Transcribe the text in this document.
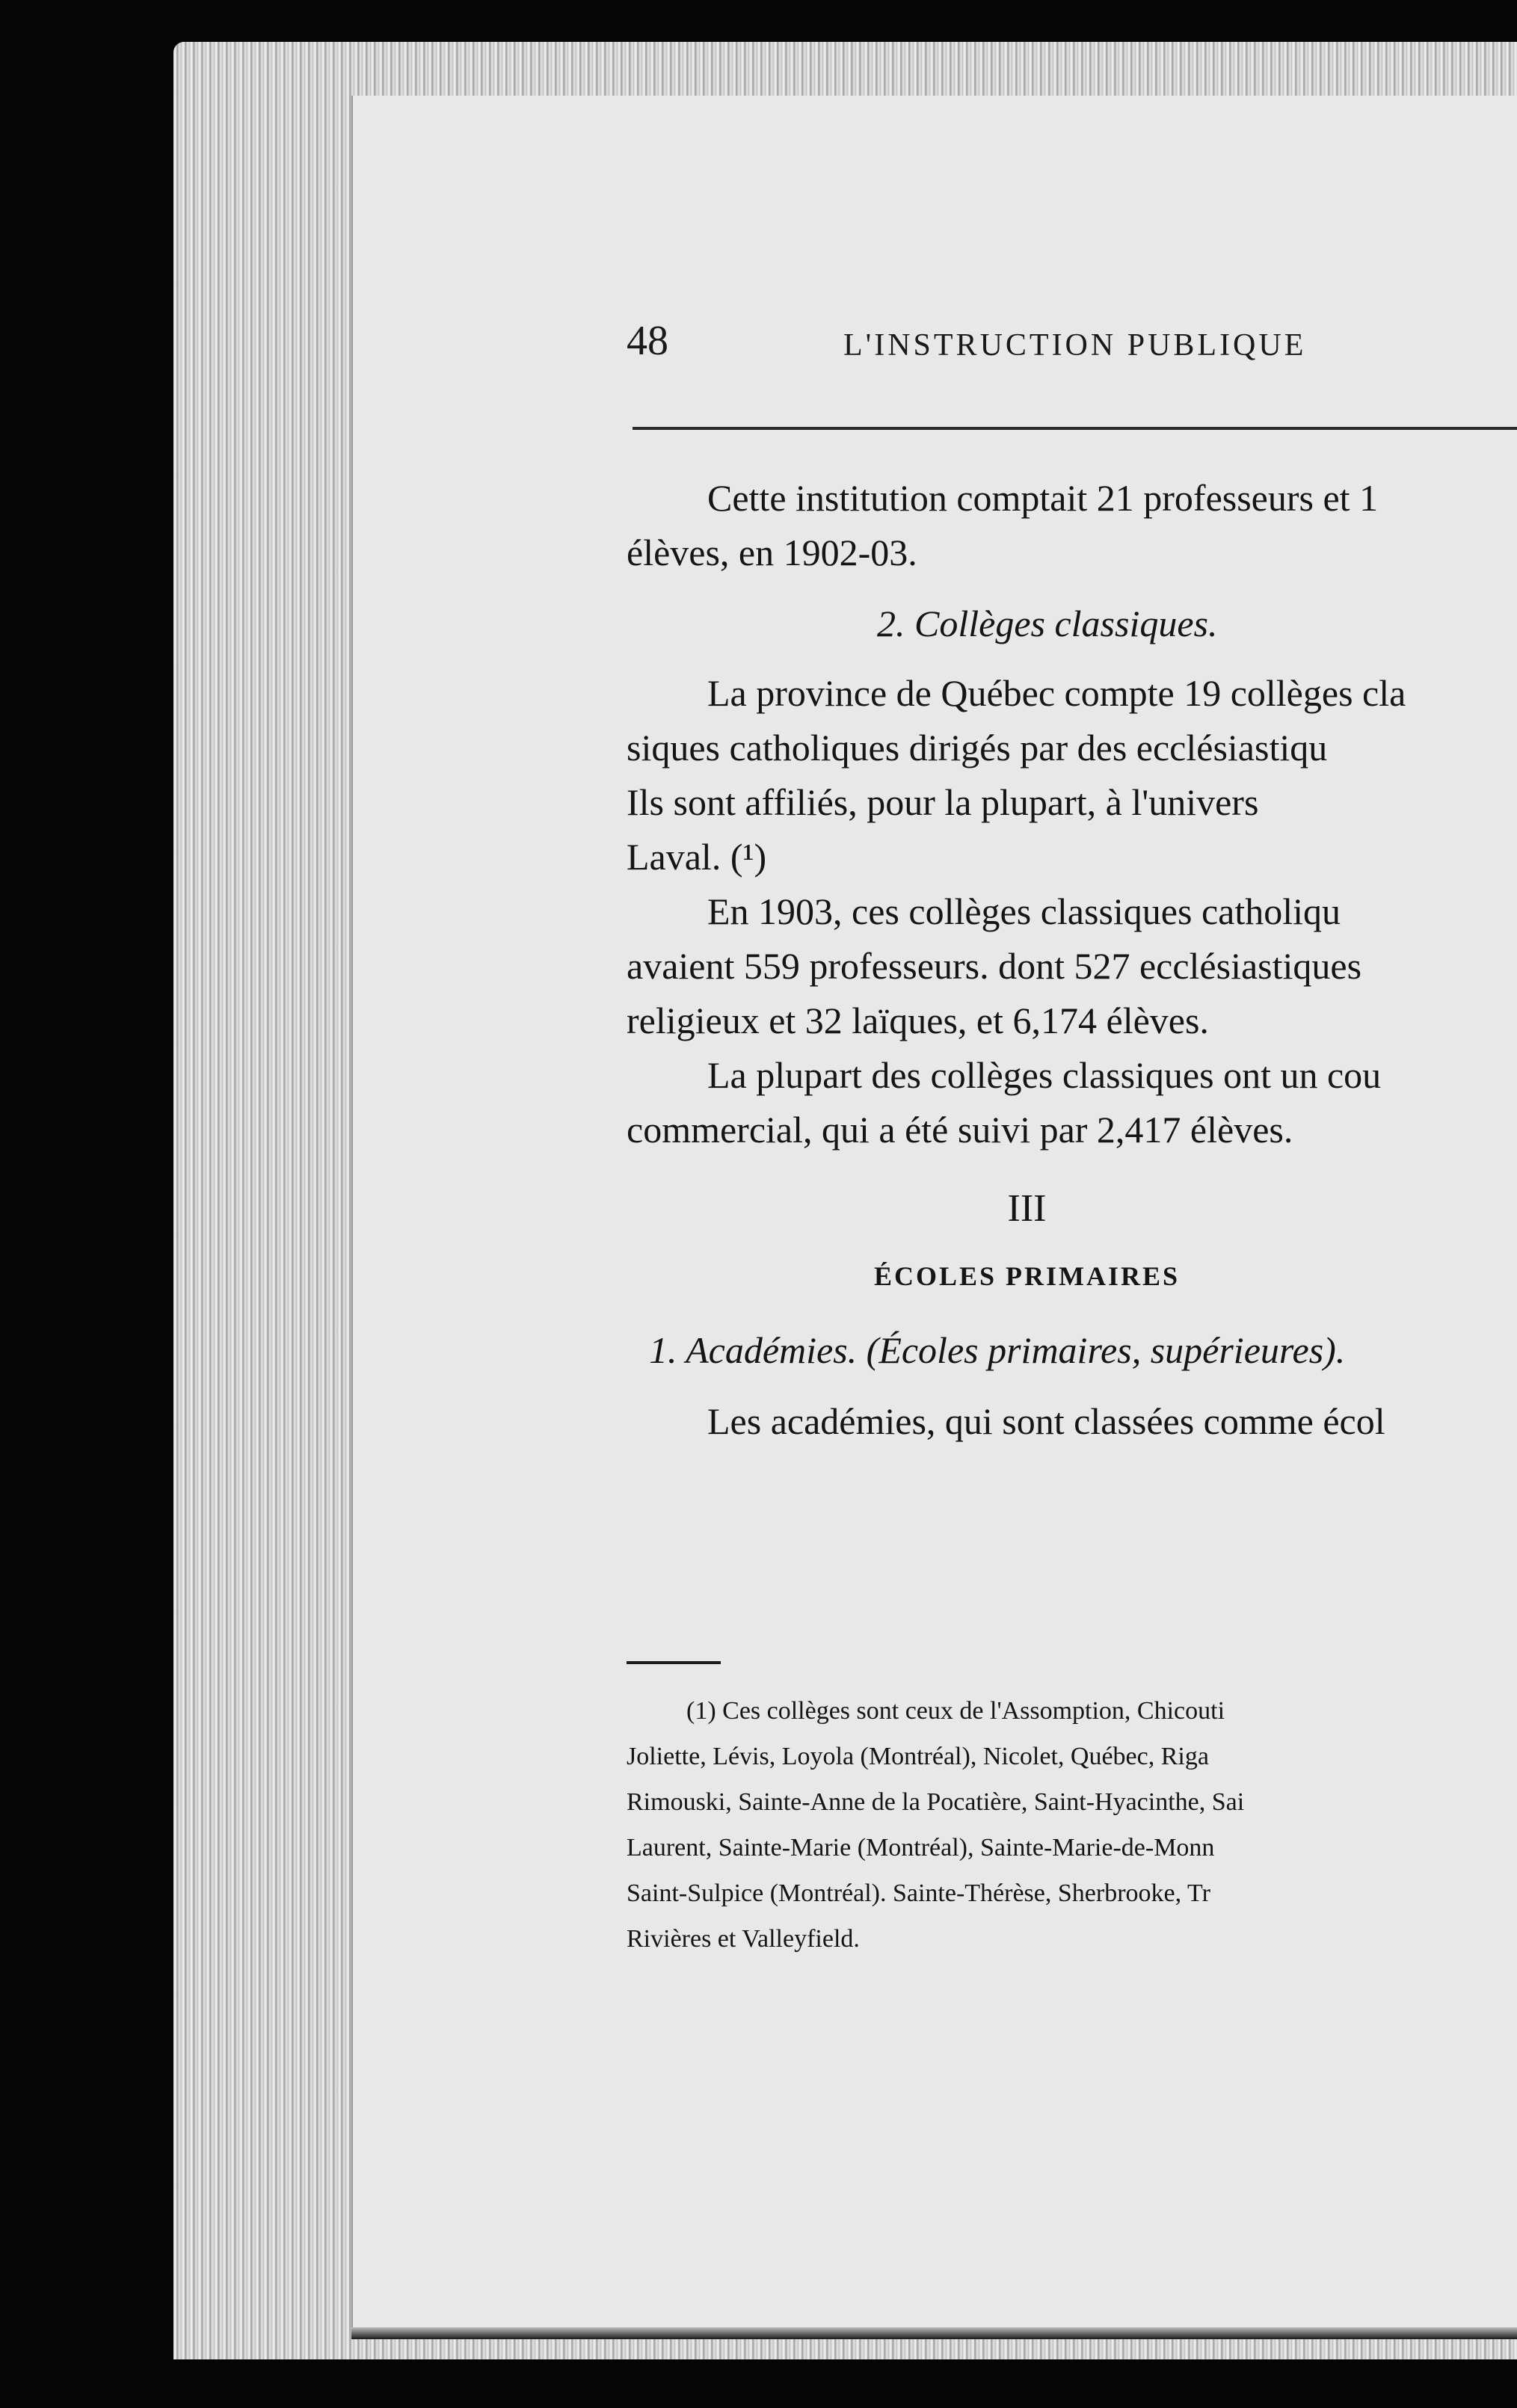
48	L'INSTRUCTION PUBLIQUE

Cette institution comptait 21 professeurs et 1

élèves, en 1902-03.

2. Collèges classiques.

La province de Québec compte 19 collèges cla

siques catholiques dirigés par des ecclésiastiqu

Ils sont affiliés, pour la plupart, à l'univers

Laval. (¹)

En 1903, ces collèges classiques catholiqu

avaient 559 professeurs. dont 527 ecclésiastiques

religieux et 32 laïques, et 6,174 élèves.

La plupart des collèges classiques ont un cou

commercial, qui a été suivi par 2,417 élèves.

III

ÉCOLES PRIMAIRES

1. Académies. (Écoles primaires, supérieures).

Les académies, qui sont classées comme écol

(1) Ces collèges sont ceux de l'Assomption, Chicouti

Joliette, Lévis, Loyola (Montréal), Nicolet, Québec, Riga

Rimouski, Sainte-Anne de la Pocatière, Saint-Hyacinthe, Sai

Laurent, Sainte-Marie (Montréal), Sainte-Marie-de-Monn

Saint-Sulpice (Montréal). Sainte-Thérèse, Sherbrooke, Tr

Rivières et Valleyfield.
